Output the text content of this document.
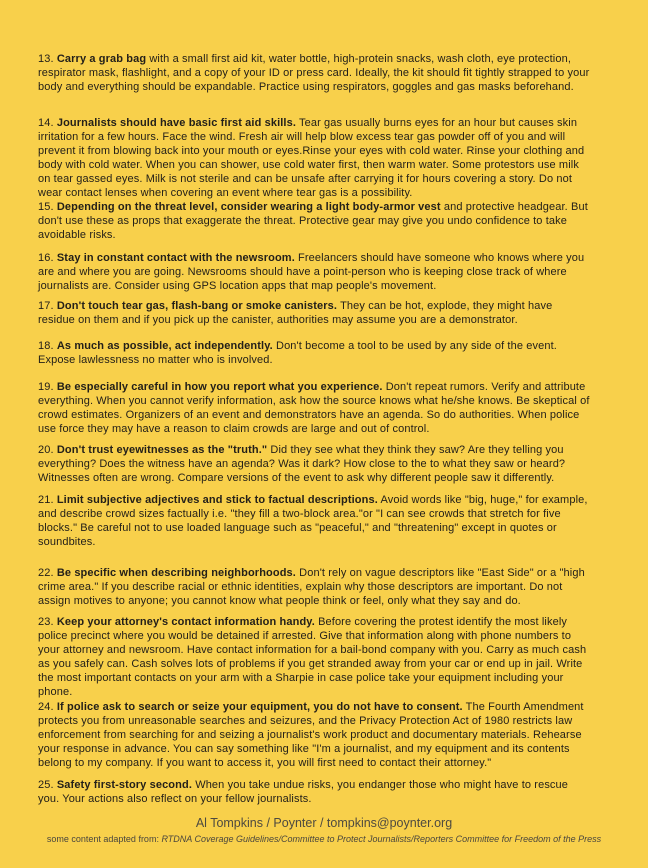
13. Carry a grab bag with a small first aid kit, water bottle, high-protein snacks, wash cloth, eye protection, respirator mask, flashlight, and a copy of your ID or press card. Ideally, the kit should fit tightly strapped to your body and everything should be expandable. Practice using respirators, goggles and gas masks beforehand.

14. Journalists should have basic first aid skills. Tear gas usually burns eyes for an hour but causes skin irritation for a few hours. Face the wind. Fresh air will help blow excess tear gas powder off of you and will prevent it from blowing back into your mouth or eyes.Rinse your eyes with cold water. Rinse your clothing and body with cold water. When you can shower, use cold water first, then warm water. Some protestors use milk on tear gassed eyes. Milk is not sterile and can be unsafe after carrying it for hours covering a story. Do not wear contact lenses when covering an event where tear gas is a possibility.

15. Depending on the threat level, consider wearing a light body-armor vest and protective headgear. But don't use these as props that exaggerate the threat. Protective gear may give you undo confidence to take avoidable risks.

16. Stay in constant contact with the newsroom. Freelancers should have someone who knows where you are and where you are going. Newsrooms should have a point-person who is keeping close track of where journalists are. Consider using GPS location apps that map people's movement.

17. Don't touch tear gas, flash-bang or smoke canisters. They can be hot, explode, they might have residue on them and if you pick up the canister, authorities may assume you are a demonstrator.

18. As much as possible, act independently. Don't become a tool to be used by any side of the event. Expose lawlessness no matter who is involved.

19. Be especially careful in how you report what you experience. Don't repeat rumors. Verify and attribute everything. When you cannot verify information, ask how the source knows what he/she knows. Be skeptical of crowd estimates. Organizers of an event and demonstrators have an agenda. So do authorities. When police use force they may have a reason to claim crowds are large and out of control.

20. Don't trust eyewitnesses as the "truth." Did they see what they think they saw? Are they telling you everything? Does the witness have an agenda? Was it dark? How close to the to what they saw or heard? Witnesses often are wrong. Compare versions of the event to ask why different people saw it differently.

21. Limit subjective adjectives and stick to factual descriptions. Avoid words like "big, huge," for example, and describe crowd sizes factually i.e. "they fill a two-block area."or "I can see crowds that stretch for five blocks." Be careful not to use loaded language such as "peaceful," and "threatening" except in quotes or soundbites.

22. Be specific when describing neighborhoods. Don't rely on vague descriptors like "East Side" or a "high crime area." If you describe racial or ethnic identities, explain why those descriptors are important. Do not assign motives to anyone; you cannot know what people think or feel, only what they say and do.

23. Keep your attorney's contact information handy. Before covering the protest identify the most likely police precinct where you would be detained if arrested. Give that information along with phone numbers to your attorney and newsroom. Have contact information for a bail-bond company with you. Carry as much cash as you safely can. Cash solves lots of problems if you get stranded away from your car or end up in jail. Write the most important contacts on your arm with a Sharpie in case police take your equipment including your phone.

24. If police ask to search or seize your equipment, you do not have to consent. The Fourth Amendment protects you from unreasonable searches and seizures, and the Privacy Protection Act of 1980 restricts law enforcement from searching for and seizing a journalist's work product and documentary materials. Rehearse your response in advance. You can say something like "I'm a journalist, and my equipment and its contents belong to my company. If you want to access it, you will first need to contact their attorney."

25. Safety first-story second. When you take undue risks, you endanger those who might have to rescue you. Your actions also reflect on your fellow journalists.

Al Tompkins / Poynter / tompkins@poynter.org
some content adapted from: RTDNA Coverage Guidelines/Committee to Protect Journalists/Reporters Committee for Freedom of the Press
